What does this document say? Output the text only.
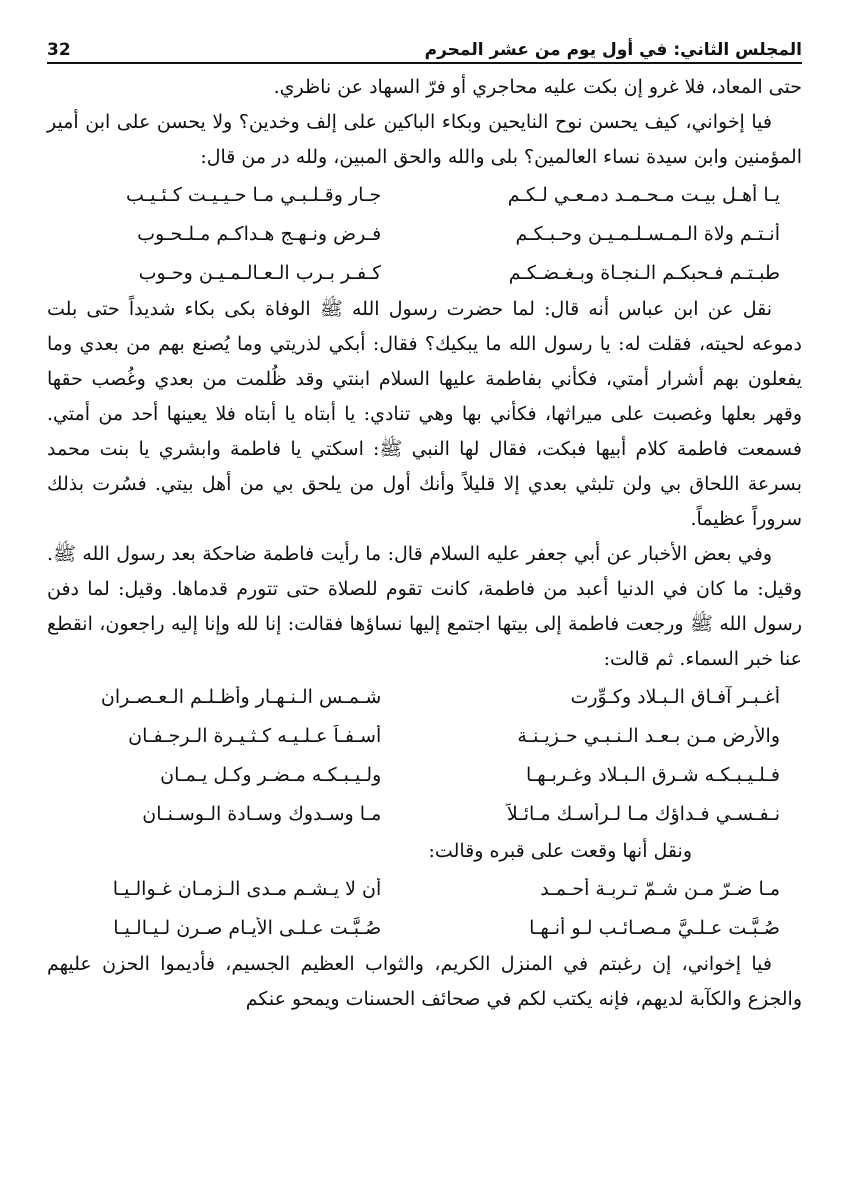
المجلس الثاني: في أول يوم من عشر المحرم
32

حتى المعاد، فلا غرو إن بكت عليه محاجري أو فرّ السهاد عن ناظري.

فيا إخواني، كيف يحسن نوح النايحين وبكاء الباكين على إلف وخدين؟ ولا يحسن على ابن أمير المؤمنين وابن سيدة نساء العالمين؟ بلى والله والحق المبين، ولله در من قال:

يـا أهـل بيـت مـحـمـد دمـعـي لـكـم
جـار وقـلـبـي مـا حـيـيـت كـئـيـب
أنـتـم ولاة الـمـسـلـمـيـن وحـبـكـم
فـرض ونـهـج هـداكـم مـلـحـوب
طبـتـم فـحبكـم الـنجـاة وبـغـضـكـم
كـفـر بـرب الـعـالـمـيـن وحـوب

نقل عن ابن عباس أنه قال: لما حضرت رسول الله ﷺ الوفاة بكى بكاء شديداً حتى بلت دموعه لحيته، فقلت له: يا رسول الله ما يبكيك؟ فقال: أبكي لذريتي وما يُصنع بهم من بعدي وما يفعلون بهم أشرار أمتي، فكأني بفاطمة عليها السلام ابنتي وقد ظُلمت من بعدي وغُصب حقها وقهر بعلها وغصبت على ميراثها، فكأني بها وهي تنادي: يا أبتاه يا أبتاه فلا يعينها أحد من أمتي. فسمعت فاطمة كلام أبيها فبكت، فقال لها النبي ﷺ: اسكتي يا فاطمة وابشري يا بنت محمد بسرعة اللحاق بي ولن تلبثي بعدي إلا قليلاً وأنك أول من يلحق بي من أهل بيتي. فسُرت بذلك سروراً عظيماً.

وفي بعض الأخبار عن أبي جعفر عليه السلام قال: ما رأيت فاطمة ضاحكة بعد رسول الله ﷺ. وقيل: ما كان في الدنيا أعبد من فاطمة، كانت تقوم للصلاة حتى تتورم قدماها. وقيل: لما دفن رسول الله ﷺ ورجعت فاطمة إلى بيتها اجتمع إليها نساؤها فقالت: إنا لله وإنا إليه راجعون، انقطع عنا خبر السماء. ثم قالت:

أغـبـر آفـاق الـبـلاد وكـوِّرت
شـمـس الـنـهـار وأظـلـم الـعـصـران
والأرض مـن بـعـد الـنـبـي حـزيـنـة
أسـفـاً عـلـيـه كـثـيـرة الـرجـفـان
فـلـيـبـكـه شـرق الـبـلاد وغـربـهـا
ولـيـبـكـه مـضـر وكـل يـمـان
نـفـسـي فـداؤك مـا لـرأسـك مـائـلاً
مـا وسـدوك وسـادة الـوسـنـان

ونقل أنها وقعت على قبره وقالت:

مـا ضـرّ مـن شـمّ تـربـة أحـمـد
أن لا يـشـم مـدى الـزمـان غـوالـيـا
صُـبَّـت عـلـيَّ مـصـائـب لـو أنـهـا
صُـبَّـت عـلـى الأيـام صـرن لـيـالـيـا

فيا إخواني، إن رغبتم في المنزل الكريم، والثواب العظيم الجسيم، فأديموا الحزن عليهم والجزع والكآبة لديهم، فإنه يكتب لكم في صحائف الحسنات ويمحو عنكم
